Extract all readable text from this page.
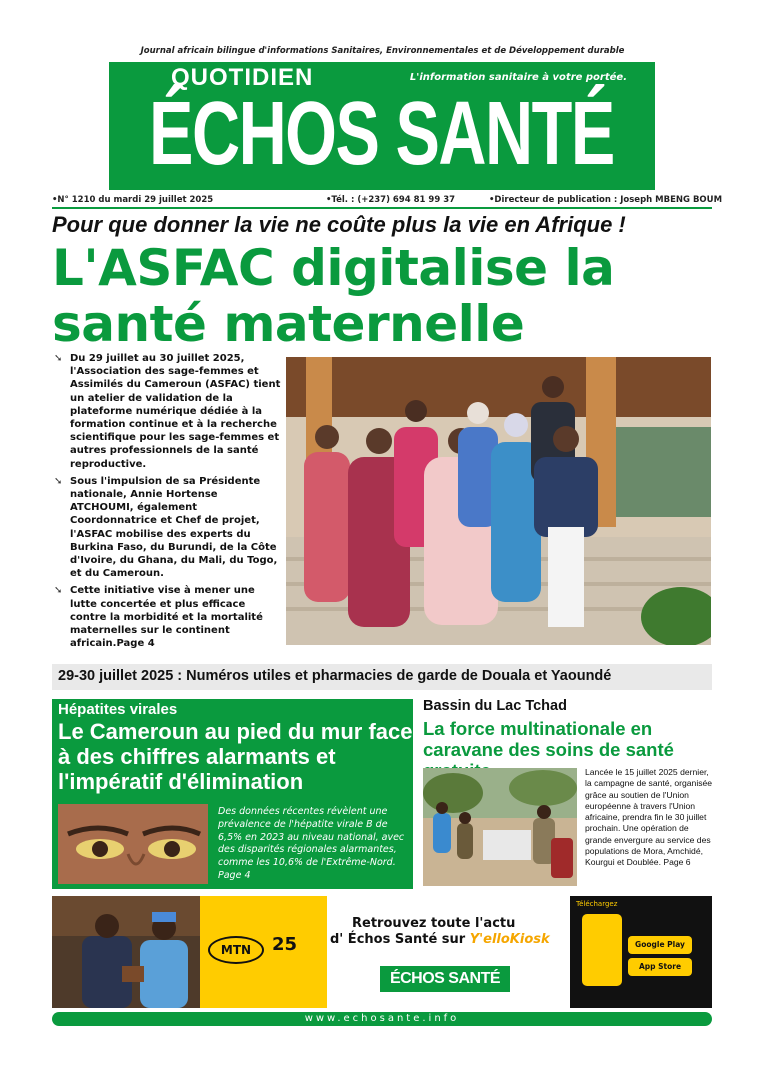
Journal africain bilingue d'informations Sanitaires, Environnementales et de Développement durable
QUOTIDIEN	L'information sanitaire à votre portée.
ÉCHOS SANTÉ
•N° 1210 du mardi 29 juillet 2025	•Tél. : (+237) 694 81 99 37	•Directeur de publication : Joseph MBENG BOUM
Pour que donner la vie ne coûte plus la vie en Afrique !
L'ASFAC digitalise la santé maternelle
➘ Du 29 juillet au 30 juillet 2025, l'Association des sage-femmes et Assimilés du Cameroun (ASFAC) tient un atelier de validation de la plateforme numérique dédiée à la formation continue et à la recherche scientifique pour les sage-femmes et autres professionnels de la santé reproductive.
➘ Sous l'impulsion de sa Présidente nationale, Annie Hortense ATCHOUMI, également Coordonnatrice et Chef de projet, l'ASFAC mobilise des experts du Burkina Faso, du Burundi, de la Côte d'Ivoire, du Ghana, du Mali, du Togo, et du Cameroun.
➘ Cette initiative vise à mener une lutte concertée et plus efficace contre la morbidité et la mortalité maternelles sur le continent africain.Page 4
29-30 juillet 2025 : Numéros utiles et pharmacies de garde de Douala et Yaoundé
Hépatites virales
Le Cameroun au pied du mur face à des chiffres alarmants et l'impératif d'élimination
Des données récentes révèlent une prévalence de l'hépatite virale B de 6,5% en 2023 au niveau national, avec des disparités régionales alarmantes, comme les 10,6% de l'Extrême-Nord. Page 4
Bassin du Lac Tchad
La force multinationale en caravane des soins de santé
Lancée le 15 juillet 2025 dernier, la campagne de santé, organisée grâce au soutien de l'Union européenne à travers l'Union africaine, prendra fin le 30 juillet prochain. Une opération de grande envergure au service des populations de Mora, Amchidé, Kourgui et Doublée. Page 6
MTN	25
Retrouvez toute l'actu
d' Échos Santé sur Y'elloKiosk
ÉCHOS SANTÉ
Téléchargez
Google Play
App Store
www.echosante.info
